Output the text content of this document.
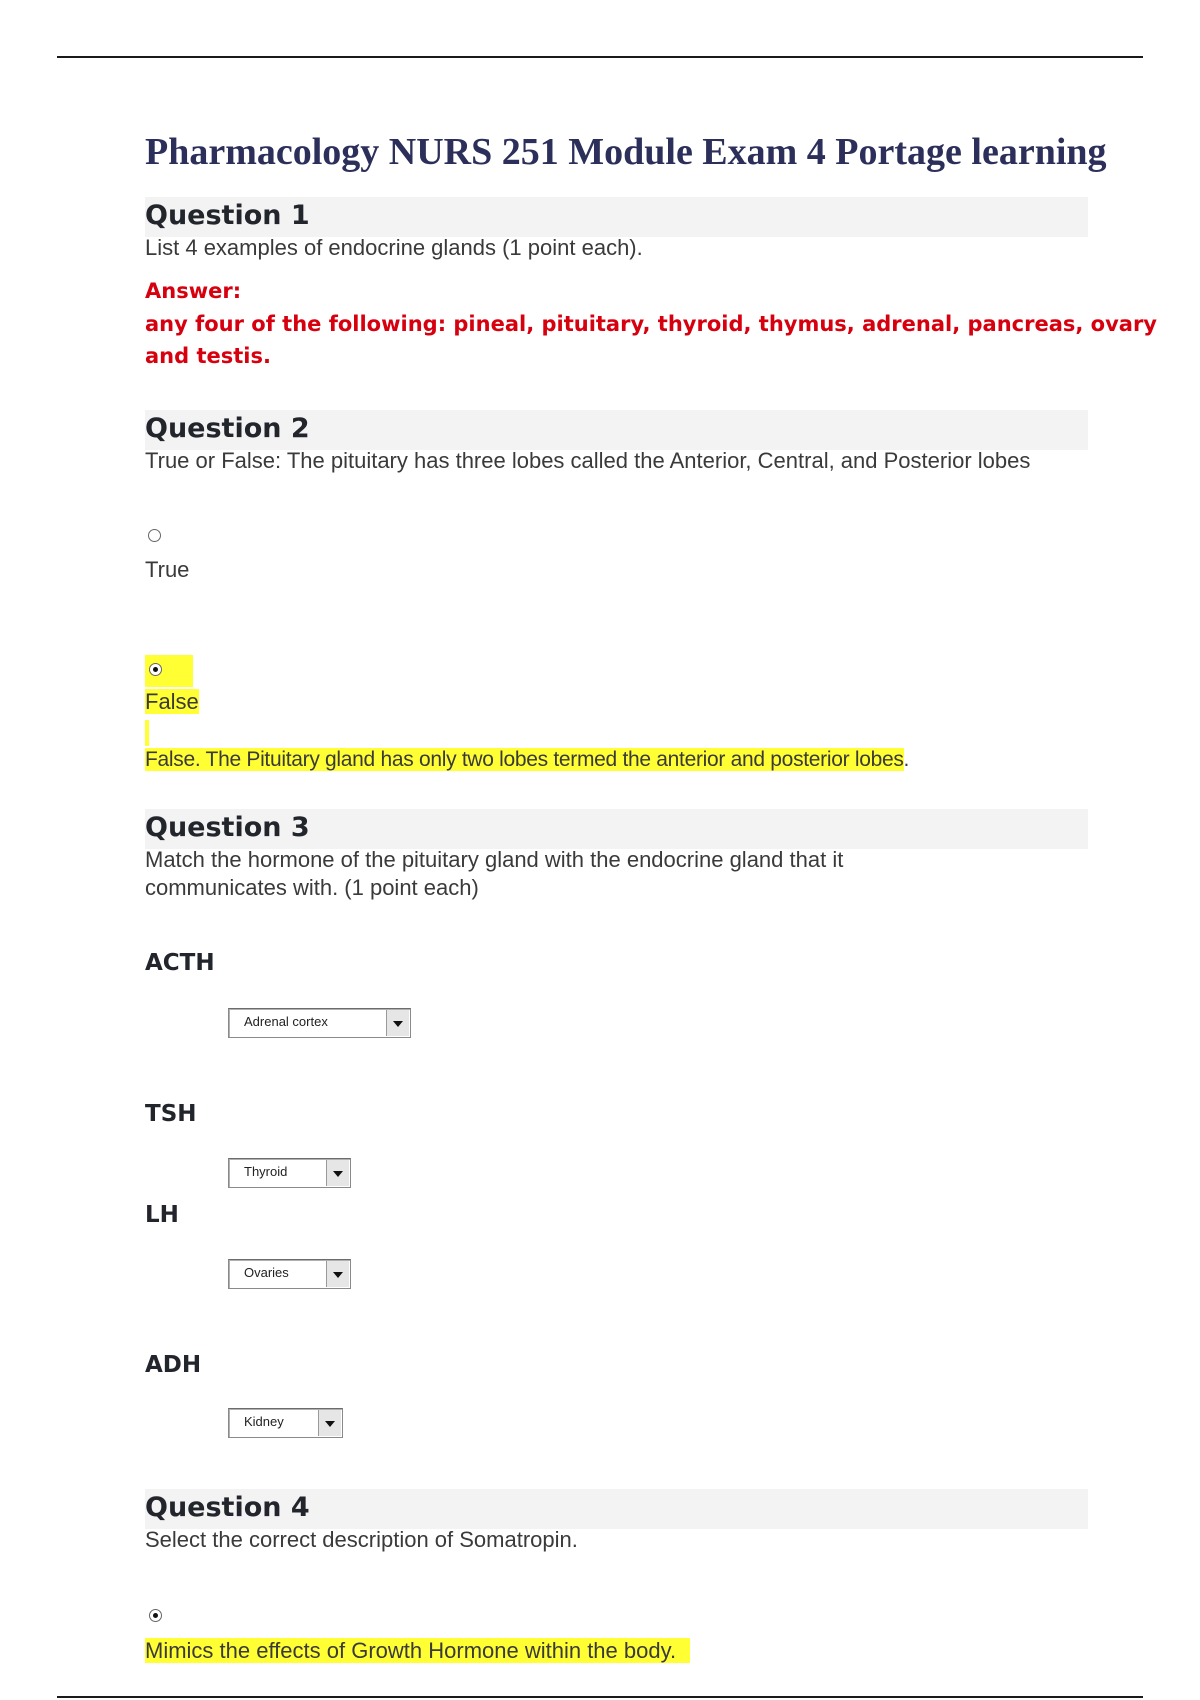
Pharmacology NURS 251 Module Exam 4 Portage learning
Question 1
List 4 examples of endocrine glands (1 point each).
Answer:
any four of the following: pineal, pituitary, thyroid, thymus, adrenal, pancreas, ovary and testis.
Question 2
True or False: The pituitary has three lobes called the Anterior, Central, and Posterior lobes
True
False
False. The Pituitary gland has only two lobes termed the anterior and posterior lobes.
Question 3
Match the hormone of the pituitary gland with the endocrine gland that it communicates with. (1 point each)
ACTH
Adrenal cortex
TSH
Thyroid
LH
Ovaries
ADH
Kidney
Question 4
Select the correct description of Somatropin.
Mimics the effects of Growth Hormone within the body.
